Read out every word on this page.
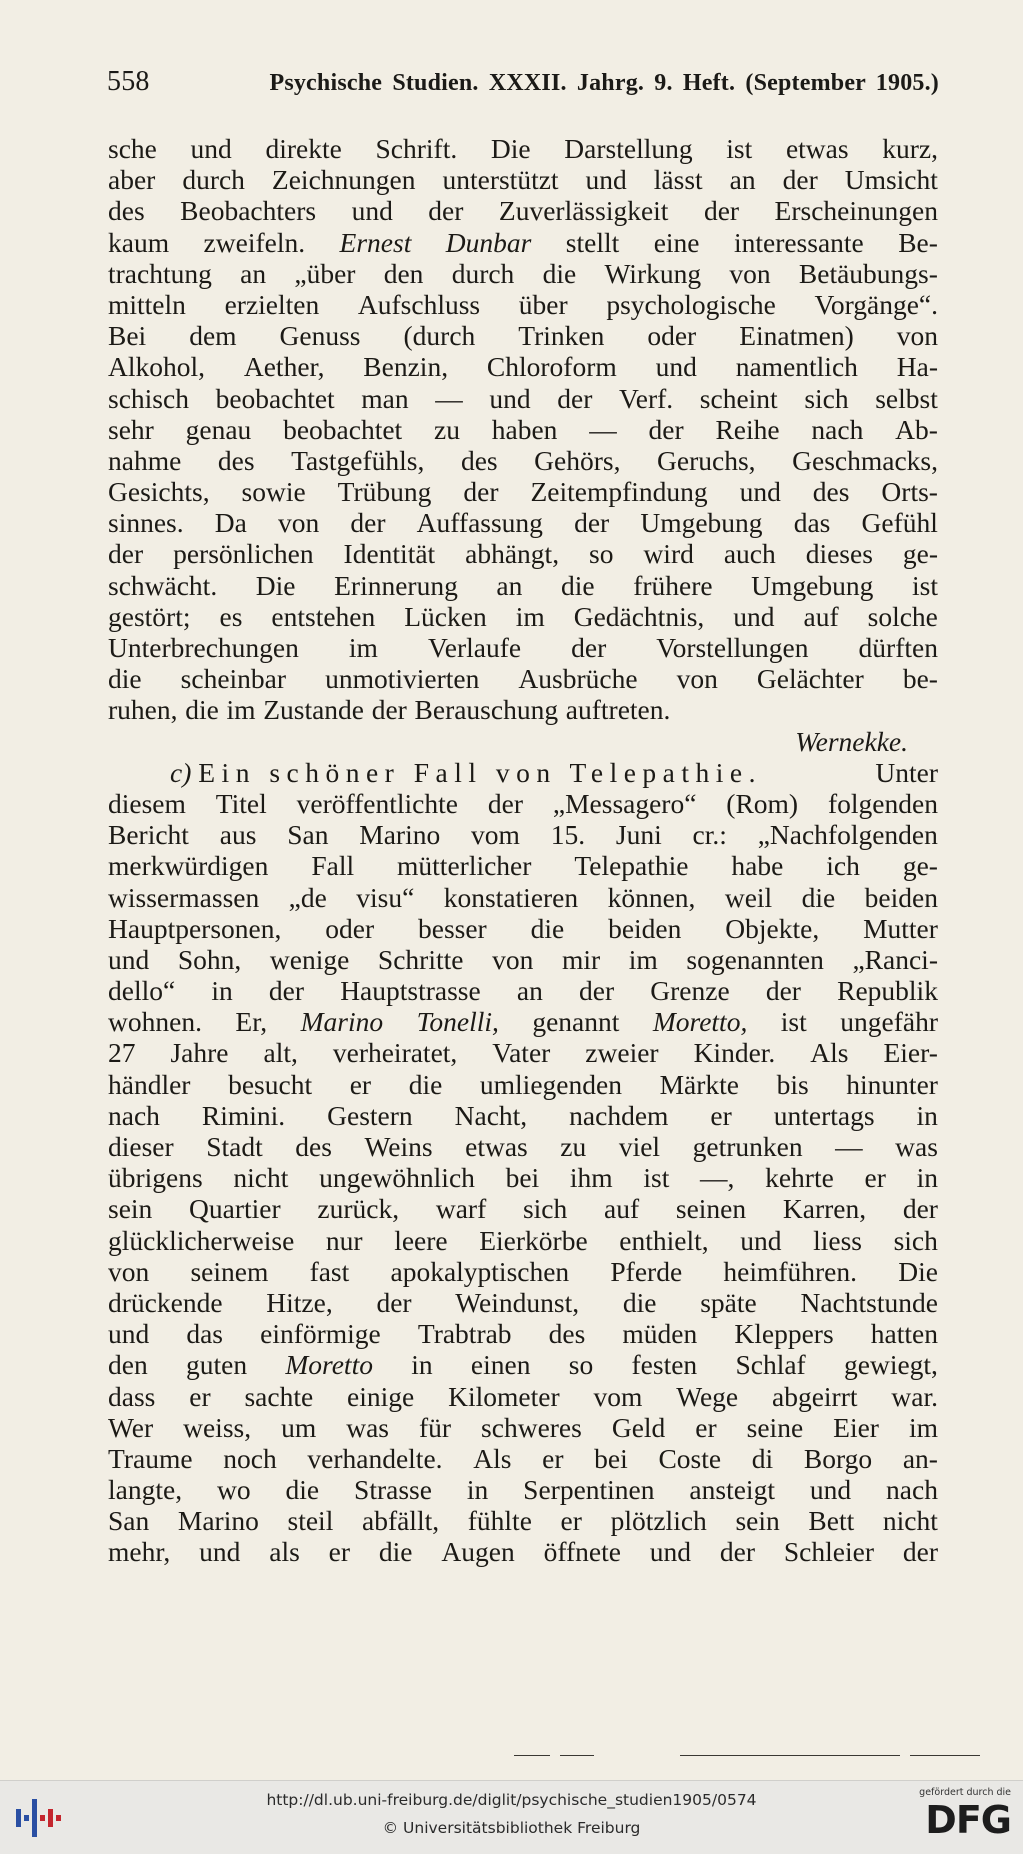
558	Psychische Studien. XXXII. Jahrg. 9. Heft. (September 1905.)
sche und direkte Schrift. Die Darstellung ist etwas kurz,
aber durch Zeichnungen unterstützt und lässt an der Umsicht
des Beobachters und der Zuverlässigkeit der Erscheinungen
kaum zweifeln. Ernest Dunbar stellt eine interessante Be-
trachtung an „über den durch die Wirkung von Betäubungs-
mitteln erzielten Aufschluss über psychologische Vorgänge“.
Bei dem Genuss (durch Trinken oder Einatmen) von
Alkohol, Aether, Benzin, Chloroform und namentlich Ha-
schisch beobachtet man — und der Verf. scheint sich selbst
sehr genau beobachtet zu haben — der Reihe nach Ab-
nahme des Tastgefühls, des Gehörs, Geruchs, Geschmacks,
Gesichts, sowie Trübung der Zeitempfindung und des Orts-
sinnes. Da von der Auffassung der Umgebung das Gefühl
der persönlichen Identität abhängt, so wird auch dieses ge-
schwächt. Die Erinnerung an die frühere Umgebung ist
gestört; es entstehen Lücken im Gedächtnis, und auf solche
Unterbrechungen im Verlaufe der Vorstellungen dürften
die scheinbar unmotivierten Ausbrüche von Gelächter be-
ruhen, die im Zustande der Berauschung auftreten.
Wernekke.
c) Ein schöner Fall von Telepathie.	Unter
diesem Titel veröffentlichte der „Messagero“ (Rom) folgenden
Bericht aus San Marino vom 15. Juni cr.: „Nachfolgenden
merkwürdigen Fall mütterlicher Telepathie habe ich ge-
wissermassen „de visu“ konstatieren können, weil die beiden
Hauptpersonen, oder besser die beiden Objekte, Mutter
und Sohn, wenige Schritte von mir im sogenannten „Ranci-
dello“ in der Hauptstrasse an der Grenze der Republik
wohnen. Er, Marino Tonelli, genannt Moretto, ist ungefähr
27 Jahre alt, verheiratet, Vater zweier Kinder. Als Eier-
händler besucht er die umliegenden Märkte bis hinunter
nach Rimini. Gestern Nacht, nachdem er untertags in
dieser Stadt des Weins etwas zu viel getrunken — was
übrigens nicht ungewöhnlich bei ihm ist —, kehrte er in
sein Quartier zurück, warf sich auf seinen Karren, der
glücklicherweise nur leere Eierkörbe enthielt, und liess sich
von seinem fast apokalyptischen Pferde heimführen. Die
drückende Hitze, der Weindunst, die späte Nachtstunde
und das einförmige Trabtrab des müden Kleppers hatten
den guten Moretto in einen so festen Schlaf gewiegt,
dass er sachte einige Kilometer vom Wege abgeirrt war.
Wer weiss, um was für schweres Geld er seine Eier im
Traume noch verhandelte. Als er bei Coste di Borgo an-
langte, wo die Strasse in Serpentinen ansteigt und nach
San Marino steil abfällt, fühlte er plötzlich sein Bett nicht
mehr, und als er die Augen öffnete und der Schleier der
http://dl.ub.uni-freiburg.de/diglit/psychische_studien1905/0574
© Universitätsbibliothek Freiburg
gefördert durch die
DFG
